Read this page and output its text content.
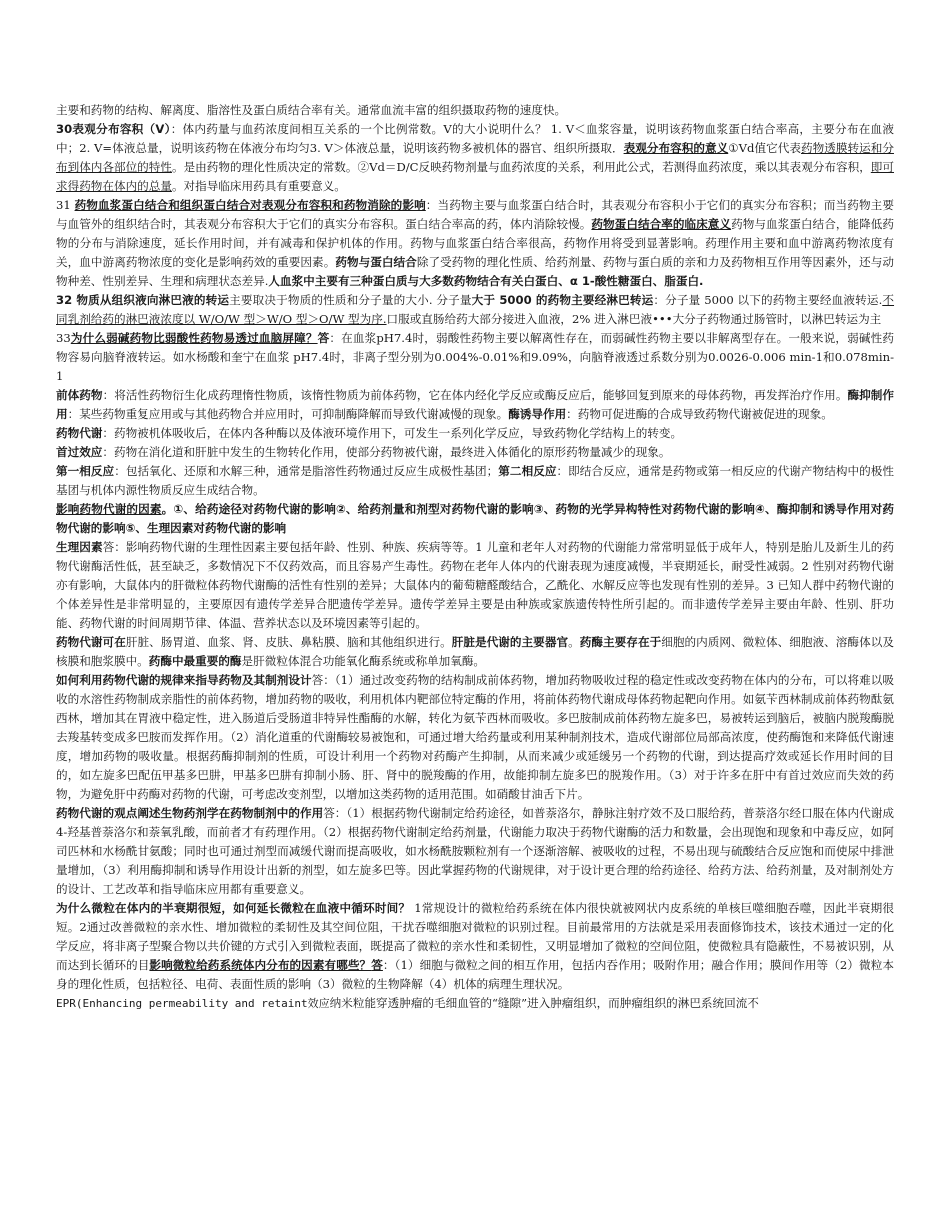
主要和药物的结构、解离度、脂溶性及蛋白质结合率有关。通常血流丰富的组织摄取药物的速度快。

30表观分布容积（V）：体内药量与血药浓度间相互关系的一个比例常数。V的大小说明什么？ 1. V＜血浆容量，说明该药物血浆蛋白结合率高，主要分布在血液中；2. V=体液总量，说明该药物在体液分布均匀3. V＞体液总量，说明该药物多被机体的器官、组织所摄取．表观分布容积的意义①Vd值它代表药物透膜转运和分布到体内各部位的特性。是由药物的理化性质决定的常数。②Vd＝D/C反映药物剂量与血药浓度的关系，利用此公式，若测得血药浓度，乘以其表观分布容积，即可求得药物在体内的总量。对指导临床用药具有重要意义。

31 药物血浆蛋白结合和组织蛋白结合对表观分布容积和药物消除的影响：当药物主要与血浆蛋白结合时，其表观分布容积小于它们的真实分布容积；而当药物主要与血管外的组织结合时，其表观分布容积大于它们的真实分布容积。蛋白结合率高的药，体内消除较慢。药物蛋白结合率的临床意义药物与血浆蛋白结合，能降低药物的分布与消除速度，延长作用时间，并有减毒和保护机体的作用。药物与血浆蛋白结合率很高，药物作用将受到显著影响。药理作用主要和血中游离药物浓度有关，血中游离药物浓度的变化是影响药效的重要因素。药物与蛋白结合除了受药物的理化性质、给药剂量、药物与蛋白质的亲和力及药物相互作用等因素外，还与动物种差、性别差异、生理和病理状态差异.人血浆中主要有三种蛋白质与大多数药物结合有关白蛋白、α 1-酸性糖蛋白、脂蛋白.

32 物质从组织液向淋巴液的转运主要取决于物质的性质和分子量的大小. 分子量大于 5000 的药物主要经淋巴转运：分子量 5000 以下的药物主要经血液转运.不同乳剂给药的淋巴液浓度以 W/O/W 型＞W/O 型＞O/W 型为序.口服或直肠给药大部分接进入血液，2% 进入淋巴液•••大分子药物通过肠管时，以淋巴转运为主

33为什么弱碱药物比弱酸性药物易透过血脑屏障？答：在血浆pH7.4时，弱酸性药物主要以解离性存在，而弱碱性药物主要以非解离型存在。一般来说，弱碱性药物容易向脑脊液转运。如水杨酸和奎宁在血浆 pH7.4时，非离子型分别为0.004%-0.01%和9.09%，向脑脊液透过系数分别为0.0026-0.006 min-1和0.078min-1

前体药物：将活性药物衍生化成药理惰性物质，该惰性物质为前体药物，它在体内经化学反应或酶反应后，能够回复到原来的母体药物，再发挥治疗作用。酶抑制作用：某些药物重复应用或与其他药物合并应用时，可抑制酶降解而导致代谢减慢的现象。酶诱导作用：药物可促进酶的合成导致药物代谢被促进的现象。

药物代谢：药物被机体吸收后，在体内各种酶以及体液环境作用下，可发生一系列化学反应，导致药物化学结构上的转变。

首过效应：药物在消化道和肝脏中发生的生物转化作用，使部分药物被代谢，最终进入体循化的原形药物量减少的现象。

第一相反应：包括氧化、还原和水解三种，通常是脂溶性药物通过反应生成极性基团；第二相反应：即结合反应，通常是药物或第一相反应的代谢产物结构中的极性基团与机体内源性物质反应生成结合物。

影响药物代谢的因素。①、给药途径对药物代谢的影响②、给药剂量和剂型对药物代谢的影响③、药物的光学异构特性对药物代谢的影响④、酶抑制和诱导作用对药物代谢的影响⑤、生理因素对药物代谢的影响

生理因素答：影响药物代谢的生理性因素主要包括年龄、性别、种族、疾病等等。1 儿童和老年人对药物的代谢能力常常明显低于成年人，特别是胎儿及新生儿的药物代谢酶活性低，甚至缺乏，多数情况下不仅药效高，而且容易产生毒性。药物在老年人体内的代谢表现为速度减慢，半衰期延长，耐受性减弱。2 性别对药物代谢亦有影响，大鼠体内的肝微粒体药物代谢酶的活性有性别的差异；大鼠体内的葡萄糖醛酸结合，乙酰化、水解反应等也发现有性别的差异。3 已知人群中药物代谢的个体差异性是非常明显的，主要原因有遗传学差异合肥遗传学差异。遗传学差异主要是由种族或家族遗传特性所引起的。而非遗传学差异主要由年龄、性别、肝功能、药物代谢的时间周期节律、体温、营养状态以及环境因素等引起的。

药物代谢可在肝脏、肠胃道、血浆、肾、皮肤、鼻粘膜、脑和其他组织进行。肝脏是代谢的主要器官。药酶主要存在于细胞的内质网、微粒体、细胞液、溶酶体以及核膜和胞浆膜中。药酶中最重要的酶是肝微粒体混合功能氧化酶系统或称单加氧酶。

如何利用药物代谢的规律来指导药物及其制剂设计答：（1）通过改变药物的结构制成前体药物，增加药物吸收过程的稳定性或改变药物在体内的分布，可以将难以吸收的水溶性药物制成亲脂性的前体药物，增加药物的吸收，利用机体内靶部位特定酶的作用，将前体药物代谢成母体药物起靶向作用。如氨苄西林制成前体药物酞氨西林，增加其在胃液中稳定性，进入肠道后受肠道非特异性酯酶的水解，转化为氨苄西林而吸收。多巴胺制成前体药物左旋多巴，易被转运到脑后，被脑内脱羧酶脱去羧基转变成多巴胺而发挥作用。（2）消化道重的代谢酶较易被饱和，可通过增大给药量或利用某种制剂技术，造成代谢部位局部高浓度，使药酶饱和来降低代谢速度，增加药物的吸收量。根据药酶抑制剂的性质，可设计利用一个药物对药酶产生抑制，从而来减少或延缓另一个药物的代谢，到达提高疗效或延长作用时间的目的，如左旋多巴配伍甲基多巴肼，甲基多巴肼有抑制小肠、肝、肾中的脱羧酶的作用，故能抑制左旋多巴的脱羧作用。（3）对于许多在肝中有首过效应而失效的药物，为避免肝中药酶对药物的代谢，可考虑改变剂型，以增加这类药物的适用范围。如硝酸甘油舌下片。

药物代谢的观点阐述生物药剂学在药物制剂中的作用答：（1）根据药物代谢制定给药途径，如普萘洛尔，静脉注射疗效不及口服给药，普萘洛尔经口服在体内代谢成 4-羟基普萘洛尔和萘氧乳酸，而前者才有药理作用。（2）根据药物代谢制定给药剂量，代谢能力取决于药物代谢酶的活力和数量，会出现饱和现象和中毒反应，如阿司匹林和水杨酰甘氨酸；同时也可通过剂型而减缓代谢而提高吸收，如水杨酰胺颗粒剂有一个逐渐溶解、被吸收的过程，不易出现与硫酸结合反应饱和而使尿中排泄量增加，（3）利用酶抑制和诱导作用设计出新的剂型，如左旋多巴等。因此掌握药物的代谢规律，对于设计更合理的给药途径、给药方法、给药剂量，及对制剂处方的设计、工艺改革和指导临床应用都有重要意义。

为什么微粒在体内的半衰期很短，如何延长微粒在血液中循环时间？ 1常规设计的微粒给药系统在体内很快就被网状内皮系统的单核巨噬细胞吞噬，因此半衰期很短。2通过改善微粒的亲水性、增加微粒的柔韧性及其空间位阻，干扰吞噬细胞对微粒的识别过程。目前最常用的方法就是采用表面修饰技术，该技术通过一定的化学反应，将非离子型聚合物以共价键的方式引入到微粒表面，既提高了微粒的亲水性和柔韧性，又明显增加了微粒的空间位阻，使微粒具有隐蔽性，不易被识别，从而达到长循环的目影响微粒给药系统体内分布的因素有哪些？答：（1）细胞与微粒之间的相互作用，包括内吞作用；吸附作用；融合作用；膜间作用等（2）微粒本身的理化性质，包括粒径、电荷、表面性质的影响（3）微粒的生物降解（4）机体的病理生理状况。

EPR(Enhancing permeability and retaint效应纳米粒能穿透肿瘤的毛细血管的“缝隙”进入肿瘤组织，而肿瘤组织的淋巴系统回流不
